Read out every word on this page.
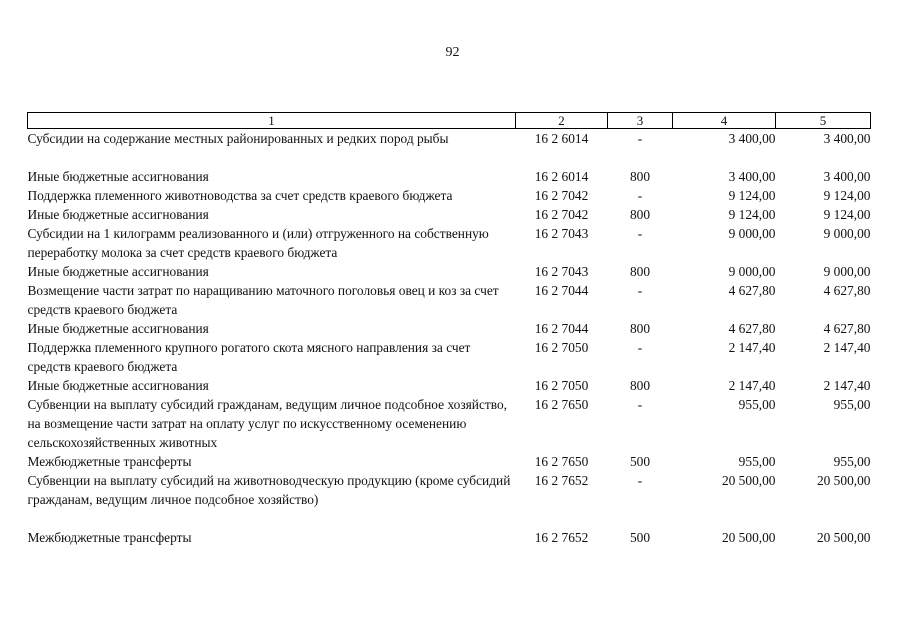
92
1	2	3	4	5
Субсидии на содержание местных районированных и редких пород рыбы	16 2 6014	-	3 400,00	3 400,00
Иные бюджетные ассигнования	16 2 6014	800	3 400,00	3 400,00
Поддержка племенного животноводства за счет средств краевого бюджета	16 2 7042	-	9 124,00	9 124,00
Иные бюджетные ассигнования	16 2 7042	800	9 124,00	9 124,00
Субсидии на 1 килограмм реализованного и (или) отгруженного на собственную переработку молока за счет средств краевого бюджета	16 2 7043	-	9 000,00	9 000,00
Иные бюджетные ассигнования	16 2 7043	800	9 000,00	9 000,00
Возмещение части затрат по наращиванию маточного поголовья овец и коз за счет средств краевого бюджета	16 2 7044	-	4 627,80	4 627,80
Иные бюджетные ассигнования	16 2 7044	800	4 627,80	4 627,80
Поддержка племенного крупного рогатого скота мясного направления за счет средств краевого бюджета	16 2 7050	-	2 147,40	2 147,40
Иные бюджетные ассигнования	16 2 7050	800	2 147,40	2 147,40
Субвенции на выплату субсидий гражданам, ведущим личное подсобное хозяйство, на возмещение части затрат на оплату услуг по искусственному осеменению сельскохозяйственных животных	16 2 7650	-	955,00	955,00
Межбюджетные трансферты	16 2 7650	500	955,00	955,00
Субвенции на выплату субсидий на животноводческую продукцию (кроме субсидий гражданам, ведущим личное подсобное хозяйство)	16 2 7652	-	20 500,00	20 500,00
Межбюджетные трансферты	16 2 7652	500	20 500,00	20 500,00
